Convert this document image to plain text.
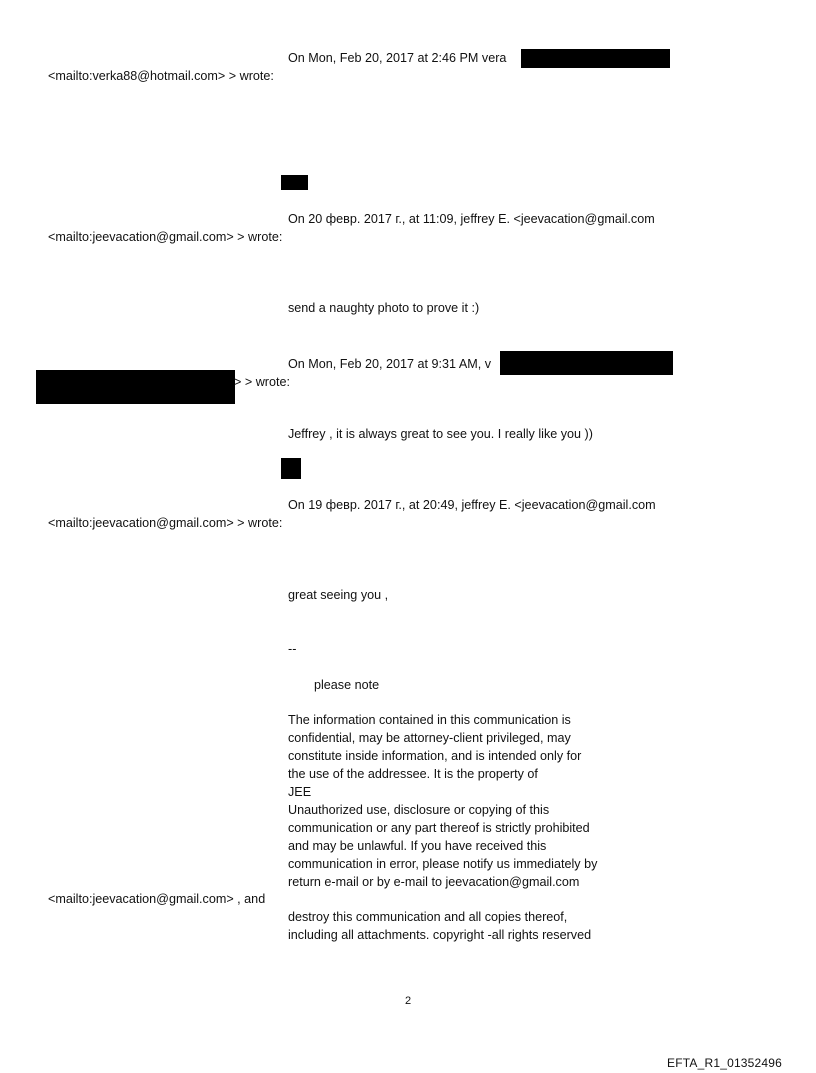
On Mon, Feb 20, 2017 at 2:46 PM vera
<mailto:verka88@hotmail.com> > wrote:
On 20 февр. 2017 г., at 11:09, jeffrey E. <jeevacation@gmail.com
<mailto:jeevacation@gmail.com> > wrote:
send a naughty photo to prove it :)
On Mon, Feb 20, 2017 at 9:31 AM, v
> > wrote:
Jeffrey , it is always great to see you. I really like you ))
On 19 февр. 2017 г., at 20:49, jeffrey E. <jeevacation@gmail.com
<mailto:jeevacation@gmail.com> > wrote:
great seeing you ,
--
please note
The information contained in this communication is
confidential, may be attorney-client privileged, may
constitute inside information, and is intended only for
the use of the addressee. It is the property of
JEE
Unauthorized use, disclosure or copying of this
communication or any part thereof is strictly prohibited
and may be unlawful. If you have received this
communication in error, please notify us immediately by
return e-mail or by e-mail to jeevacation@gmail.com
<mailto:jeevacation@gmail.com> , and
destroy this communication and all copies thereof,
including all attachments. copyright -all rights reserved
2
EFTA_R1_01352496
